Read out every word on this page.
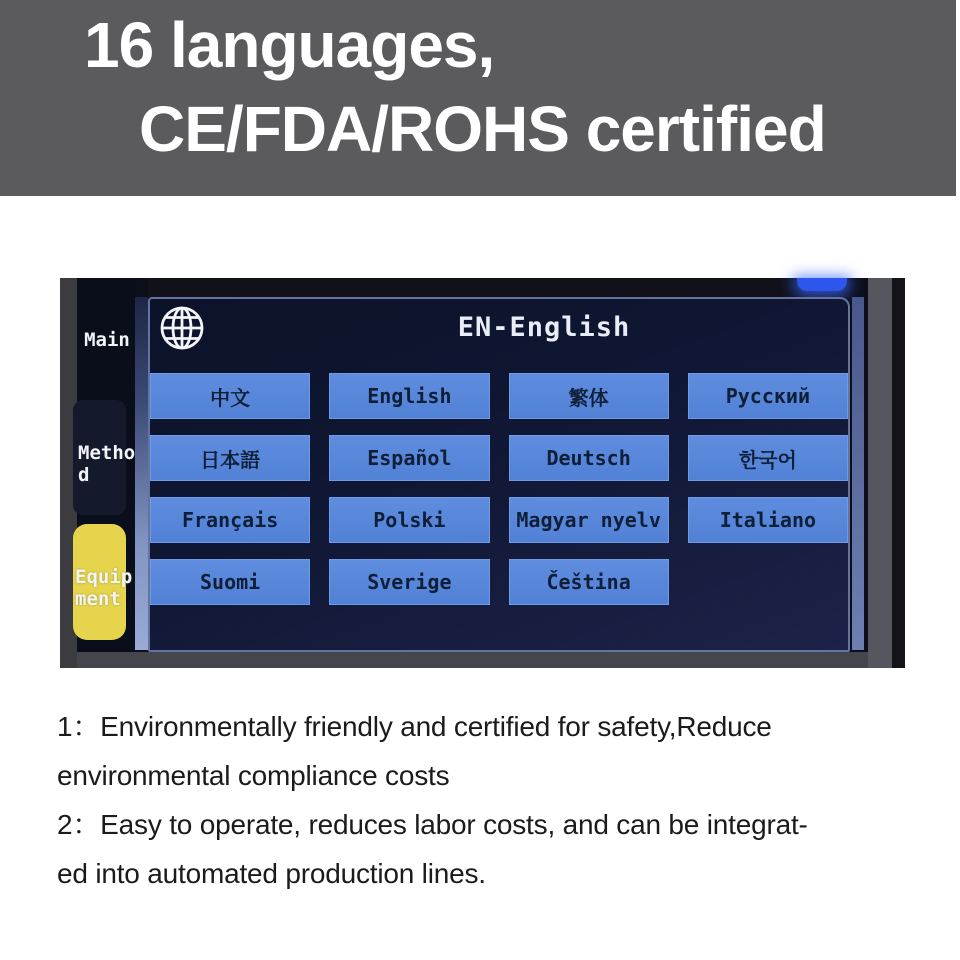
16 languages,
CE/FDA/ROHS certified
Main
Method
Equipment
EN-English
中文	English	繁体	Русский
日本語	Español	Deutsch	한국어
Français	Polski	Magyar nyelv	Italiano
Suomi	Sverige	Čeština
1：Environmentally friendly and certified for safety,Reduce
environmental compliance costs
2：Easy to operate, reduces labor costs, and can be integrat-
ed into automated production lines.
